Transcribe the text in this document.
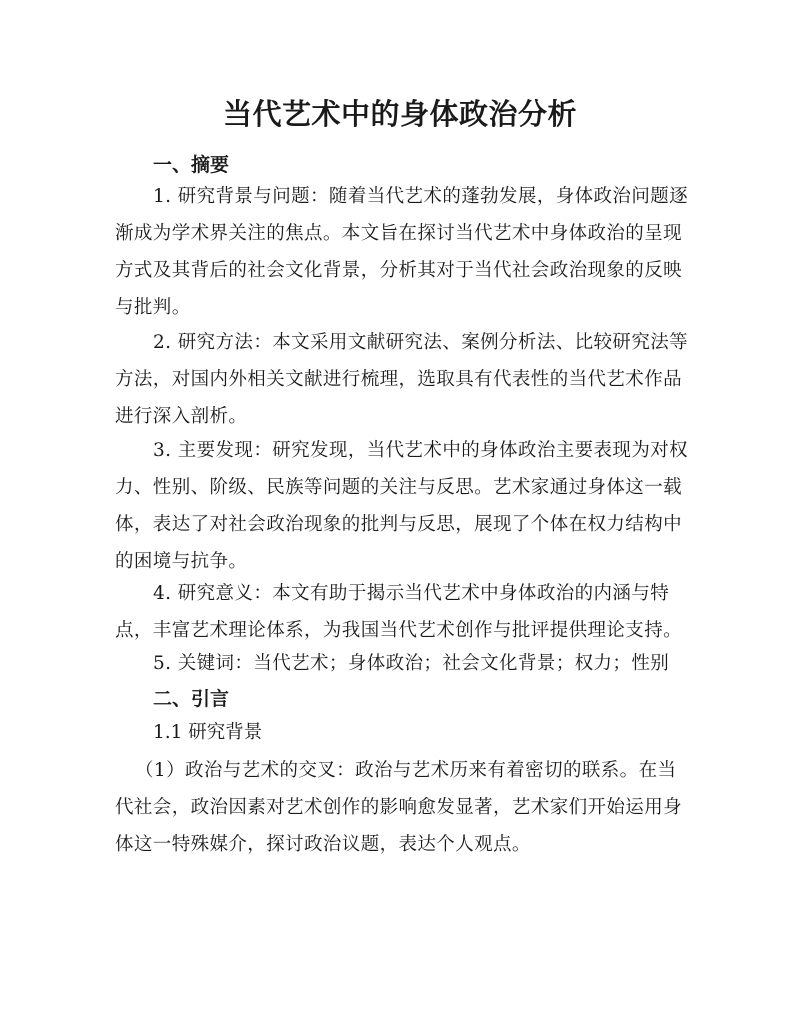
当代艺术中的身体政治分析
一、摘要
1. 研究背景与问题：随着当代艺术的蓬勃发展，身体政治问题逐渐成为学术界关注的焦点。本文旨在探讨当代艺术中身体政治的呈现方式及其背后的社会文化背景，分析其对于当代社会政治现象的反映与批判。
2. 研究方法：本文采用文献研究法、案例分析法、比较研究法等方法，对国内外相关文献进行梳理，选取具有代表性的当代艺术作品进行深入剖析。
3. 主要发现：研究发现，当代艺术中的身体政治主要表现为对权力、性别、阶级、民族等问题的关注与反思。艺术家通过身体这一载体，表达了对社会政治现象的批判与反思，展现了个体在权力结构中的困境与抗争。
4. 研究意义：本文有助于揭示当代艺术中身体政治的内涵与特点，丰富艺术理论体系，为我国当代艺术创作与批评提供理论支持。
5. 关键词：当代艺术；身体政治；社会文化背景；权力；性别
二、引言
1.1 研究背景
（1）政治与艺术的交叉：政治与艺术历来有着密切的联系。在当代社会，政治因素对艺术创作的影响愈发显著，艺术家们开始运用身体这一特殊媒介，探讨政治议题，表达个人观点。
